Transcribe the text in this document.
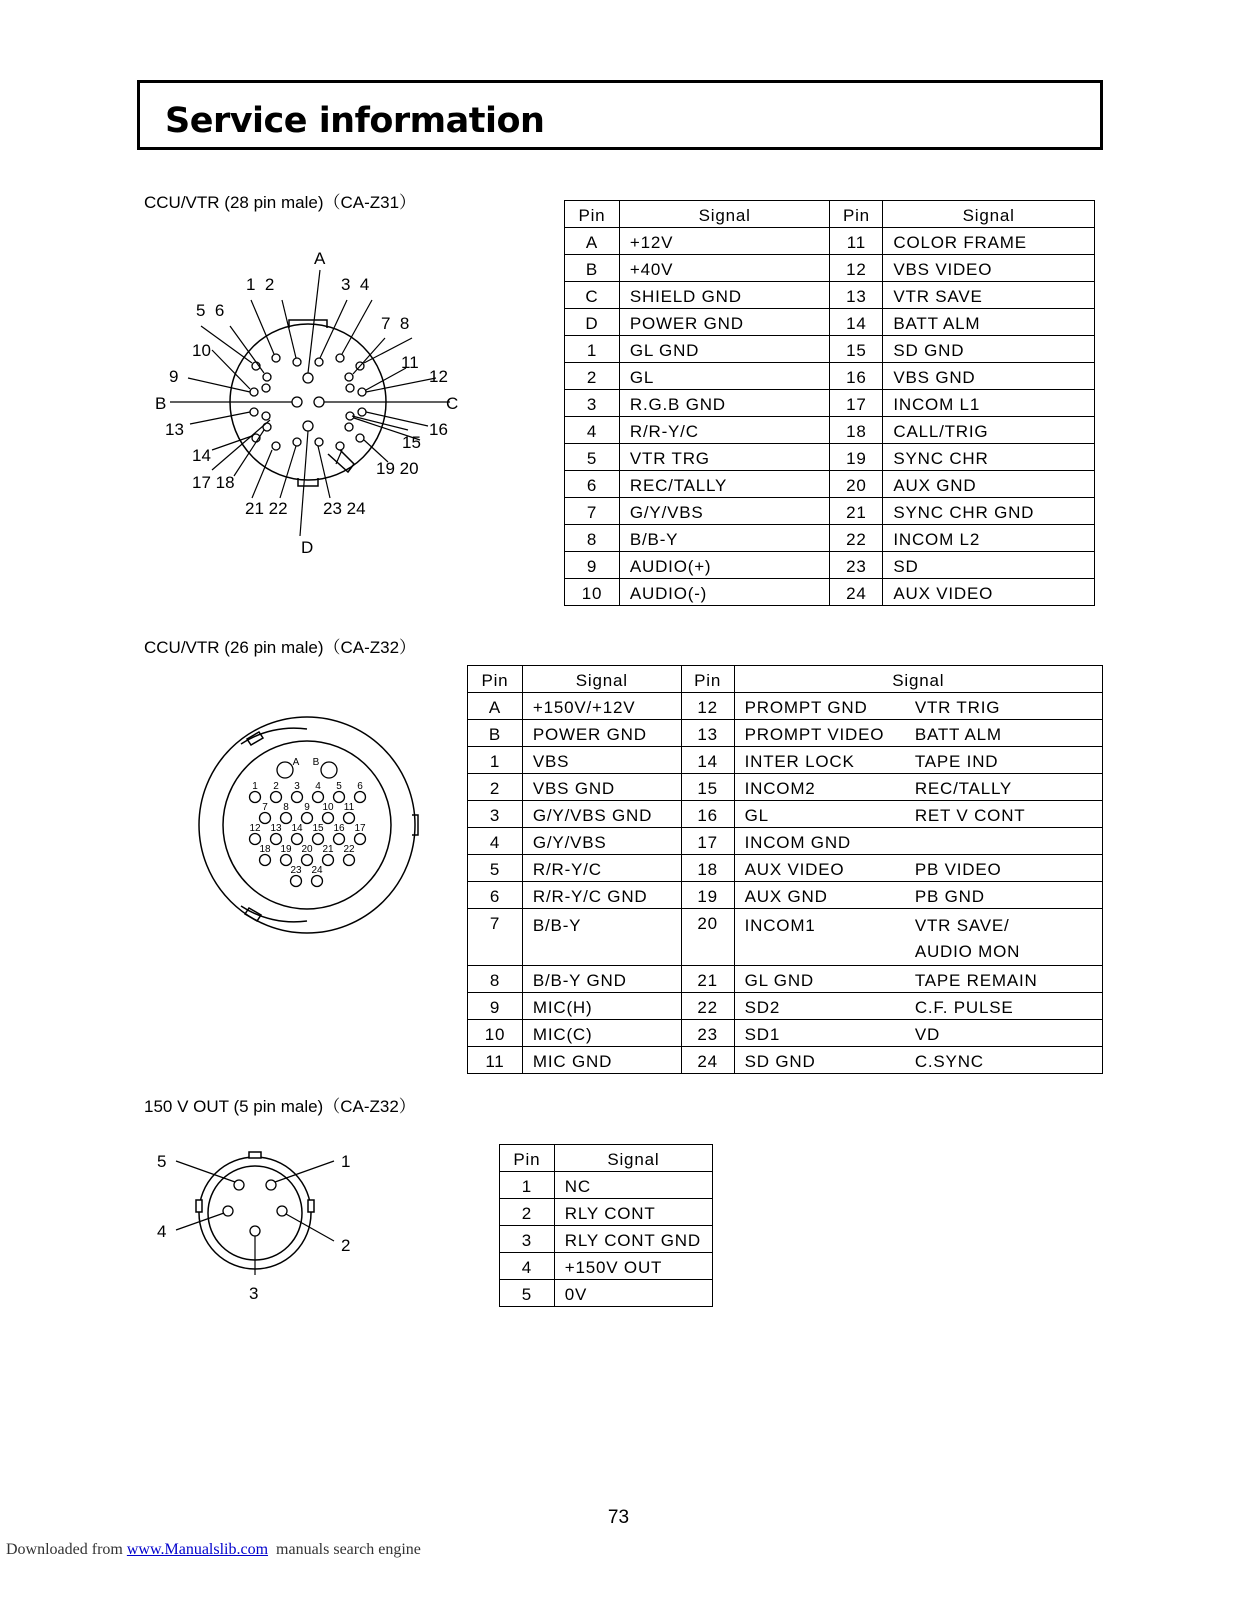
Service information
CCU/VTR (28 pin male)（CA-Z31）
A
1  2	3  4
5  6
7  8
10
11
9	12
B	C
13	16
15
14
19 20
17 18
21 22 23 24
D
Pin	Signal	Pin	Signal
A	+12V	11	COLOR FRAME
B	+40V	12	VBS VIDEO
C	SHIELD GND	13	VTR SAVE
D	POWER GND	14	BATT ALM
1	GL GND	15	SD GND
2	GL	16	VBS GND
3	R.G.B GND	17	INCOM L1
4	R/R-Y/C	18	CALL/TRIG
5	VTR TRG	19	SYNC CHR
6	REC/TALLY	20	AUX GND
7	G/Y/VBS	21	SYNC CHR GND
8	B/B-Y	22	INCOM L2
9	AUDIO(+)	23	SD
10	AUDIO(-)	24	AUX VIDEO
CCU/VTR (26 pin male)（CA-Z32）
A B
1 2 3 4 5 6
7 8 9 10 11
12 13 14 15 16 17
18 19 20 21 22
23 24
Pin	Signal	Pin	Signal	
A	+150V/+12V	12	PROMPT GND	VTR TRIG
B	POWER GND	13	PROMPT VIDEO	BATT ALM
1	VBS	14	INTER LOCK	TAPE IND
2	VBS GND	15	INCOM2	REC/TALLY
3	G/Y/VBS GND	16	GL	RET V CONT
4	G/Y/VBS	17	INCOM GND	
5	R/R-Y/C	18	AUX VIDEO	PB VIDEO
6	R/R-Y/C GND	19	AUX GND	PB GND
7	B/B-Y	20	INCOM1	VTR SAVE/
AUDIO MON

8	B/B-Y GND	21	GL GND	TAPE REMAIN
9	MIC(H)	22	SD2	C.F. PULSE
10	MIC(C)	23	SD1	VD
11	MIC GND	24	SD GND	C.SYNC
150 V OUT (5 pin male)（CA-Z32）
5	1
4
2
3
Pin	Signal
1	NC
2	RLY CONT
3	RLY CONT GND
4	+150V OUT
5	0V
73
Downloaded from www.Manualslib.com  manuals search engine
